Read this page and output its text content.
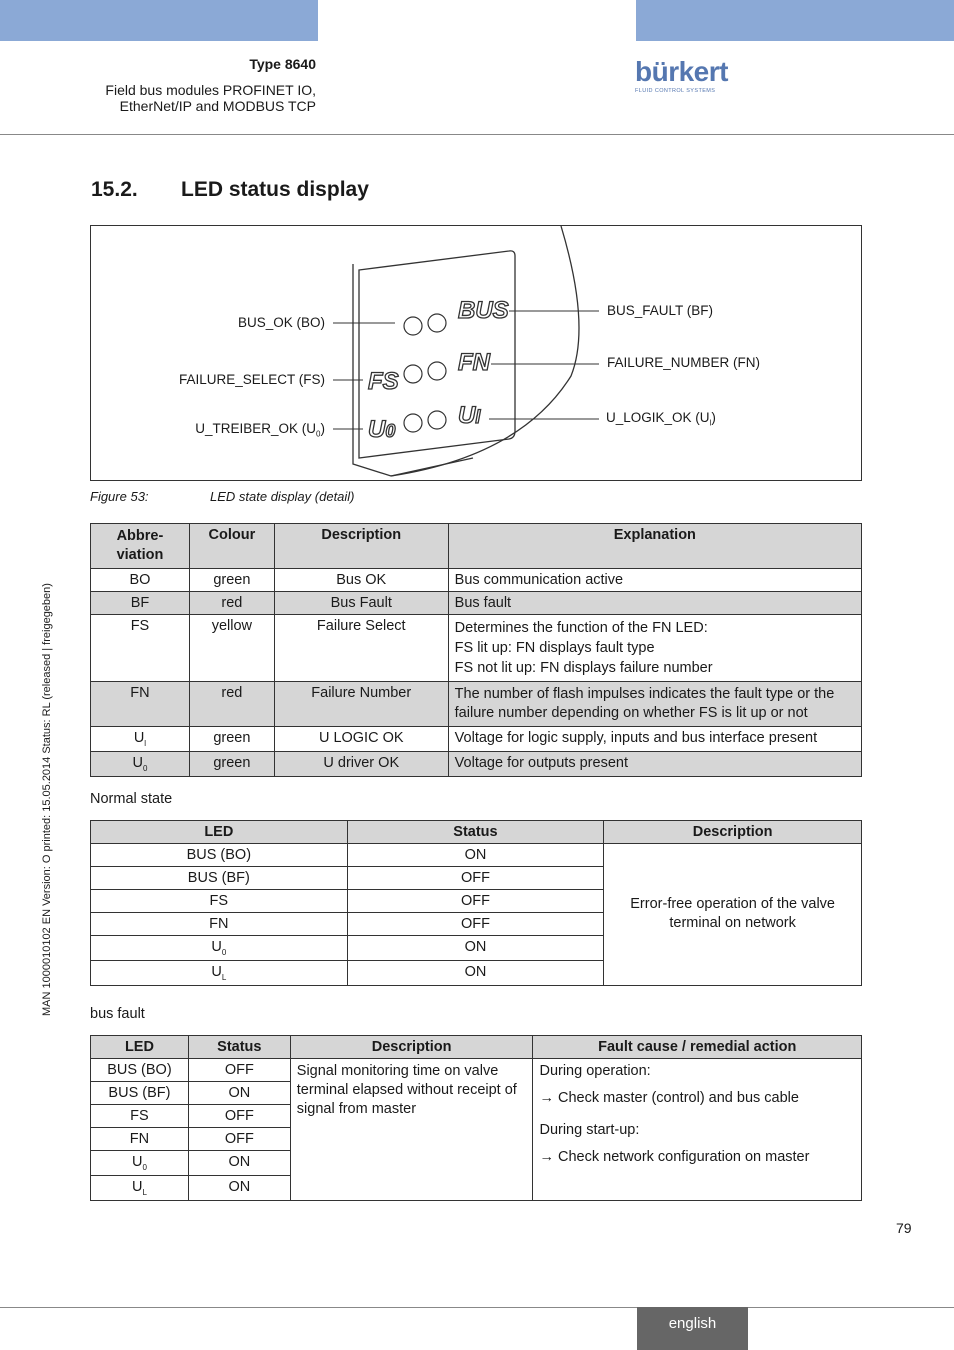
Type 8640
Field bus modules PROFINET IO,
EtherNet/IP and MODBUS TCP
bürkert
FLUID CONTROL SYSTEMS
MAN 1000010102 EN Version: O printed: 15.05.2014 Status: RL (released | freigegeben)
15.2. LED status display
BUS
FN
FS
U0
Ul
BUS_OK (BO)
FAILURE_SELECT (FS)
U_TREIBER_OK $(U_0)$
BUS_FAULT (BF)
FAILURE_NUMBER (FN)
U_LOGIK_OK $(U_l)$
Figure 53:	LED state display (detail)
Abbre-
viation	Colour	Description	Explanation
BO	green	Bus OK	Bus communication active
BF	red	Bus Fault	Bus fault
FS	yellow	Failure Select	Determines the function of the FN LED:
FS lit up: FN displays fault type
FS not lit up: FN displays failure number

FN	red	Failure Number	The number of flash impulses indicates the fault type or the failure number depending on whether FS is lit up or not
$U_l$	green	U LOGIC OK	Voltage for logic supply, inputs and bus interface present
$U_0$	green	U driver OK	Voltage for outputs present
Normal state
LED	Status	Description
BUS (BO)	ON	Error-free operation of the valve terminal on network
BUS (BF)	OFF	
FS	OFF	
FN	OFF	
$U_0$	ON	
$U_L$	ON	
bus fault
LED	Status	Description	Fault cause / remedial action
BUS (BO)	OFF	Signal monitoring time on valve terminal elapsed without receipt of signal from master	During operation:
→ Check master (control) and bus cable
During start-up:
→ Check network configuration on master

BUS (BF)	ON		
FS	OFF		
FN	OFF		
$U_0$	ON		
$U_L$	ON		
79
english
